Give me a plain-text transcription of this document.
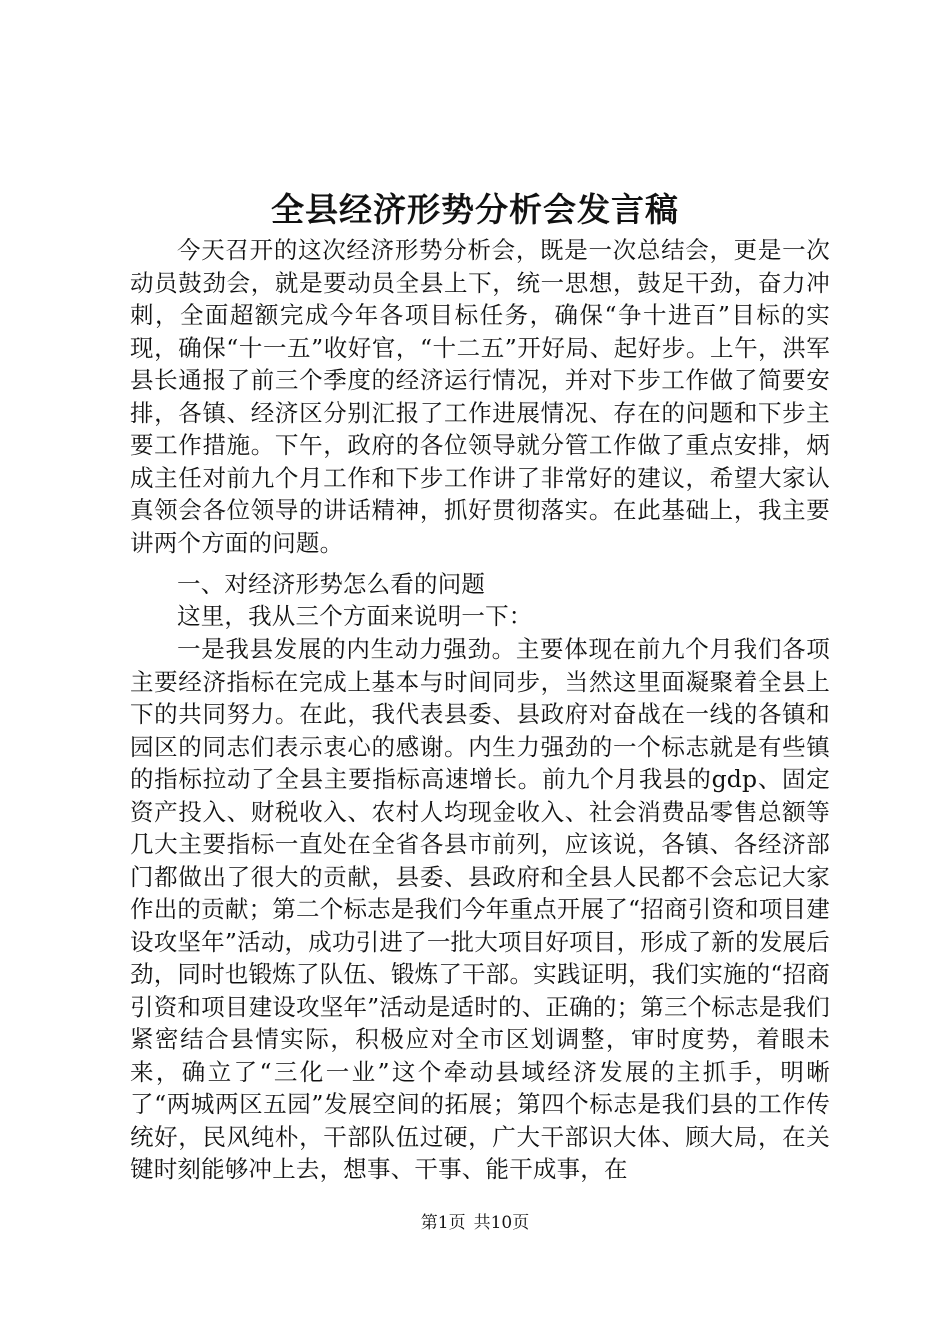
全县经济形势分析会发言稿

今天召开的这次经济形势分析会，既是一次总结会，更是一次动员鼓劲会，就是要动员全县上下，统一思想，鼓足干劲，奋力冲刺，全面超额完成今年各项目标任务，确保“争十进百”目标的实现，确保“十一五”收好官，“十二五”开好局、起好步。上午，洪军县长通报了前三个季度的经济运行情况，并对下步工作做了简要安排，各镇、经济区分别汇报了工作进展情况、存在的问题和下步主要工作措施。下午，政府的各位领导就分管工作做了重点安排，炳成主任对前九个月工作和下步工作讲了非常好的建议，希望大家认真领会各位领导的讲话精神，抓好贯彻落实。在此基础上，我主要讲两个方面的问题。

一、对经济形势怎么看的问题

这里，我从三个方面来说明一下：

一是我县发展的内生动力强劲。主要体现在前九个月我们各项主要经济指标在完成上基本与时间同步，当然这里面凝聚着全县上下的共同努力。在此，我代表县委、县政府对奋战在一线的各镇和园区的同志们表示衷心的感谢。内生力强劲的一个标志就是有些镇的指标拉动了全县主要指标高速增长。前九个月我县的gdp、固定资产投入、财税收入、农村人均现金收入、社会消费品零售总额等几大主要指标一直处在全省各县市前列，应该说，各镇、各经济部门都做出了很大的贡献，县委、县政府和全县人民都不会忘记大家作出的贡献；第二个标志是我们今年重点开展了“招商引资和项目建设攻坚年”活动，成功引进了一批大项目好项目，形成了新的发展后劲，同时也锻炼了队伍、锻炼了干部。实践证明，我们实施的“招商引资和项目建设攻坚年”活动是适时的、正确的；第三个标志是我们紧密结合县情实际，积极应对全市区划调整，审时度势，着眼未来，确立了“三化一业”这个牵动县域经济发展的主抓手，明晰了“两城两区五园”发展空间的拓展；第四个标志是我们县的工作传统好，民风纯朴，干部队伍过硬，广大干部识大体、顾大局，在关键时刻能够冲上去，想事、干事、能干成事，在

第1页 共10页
